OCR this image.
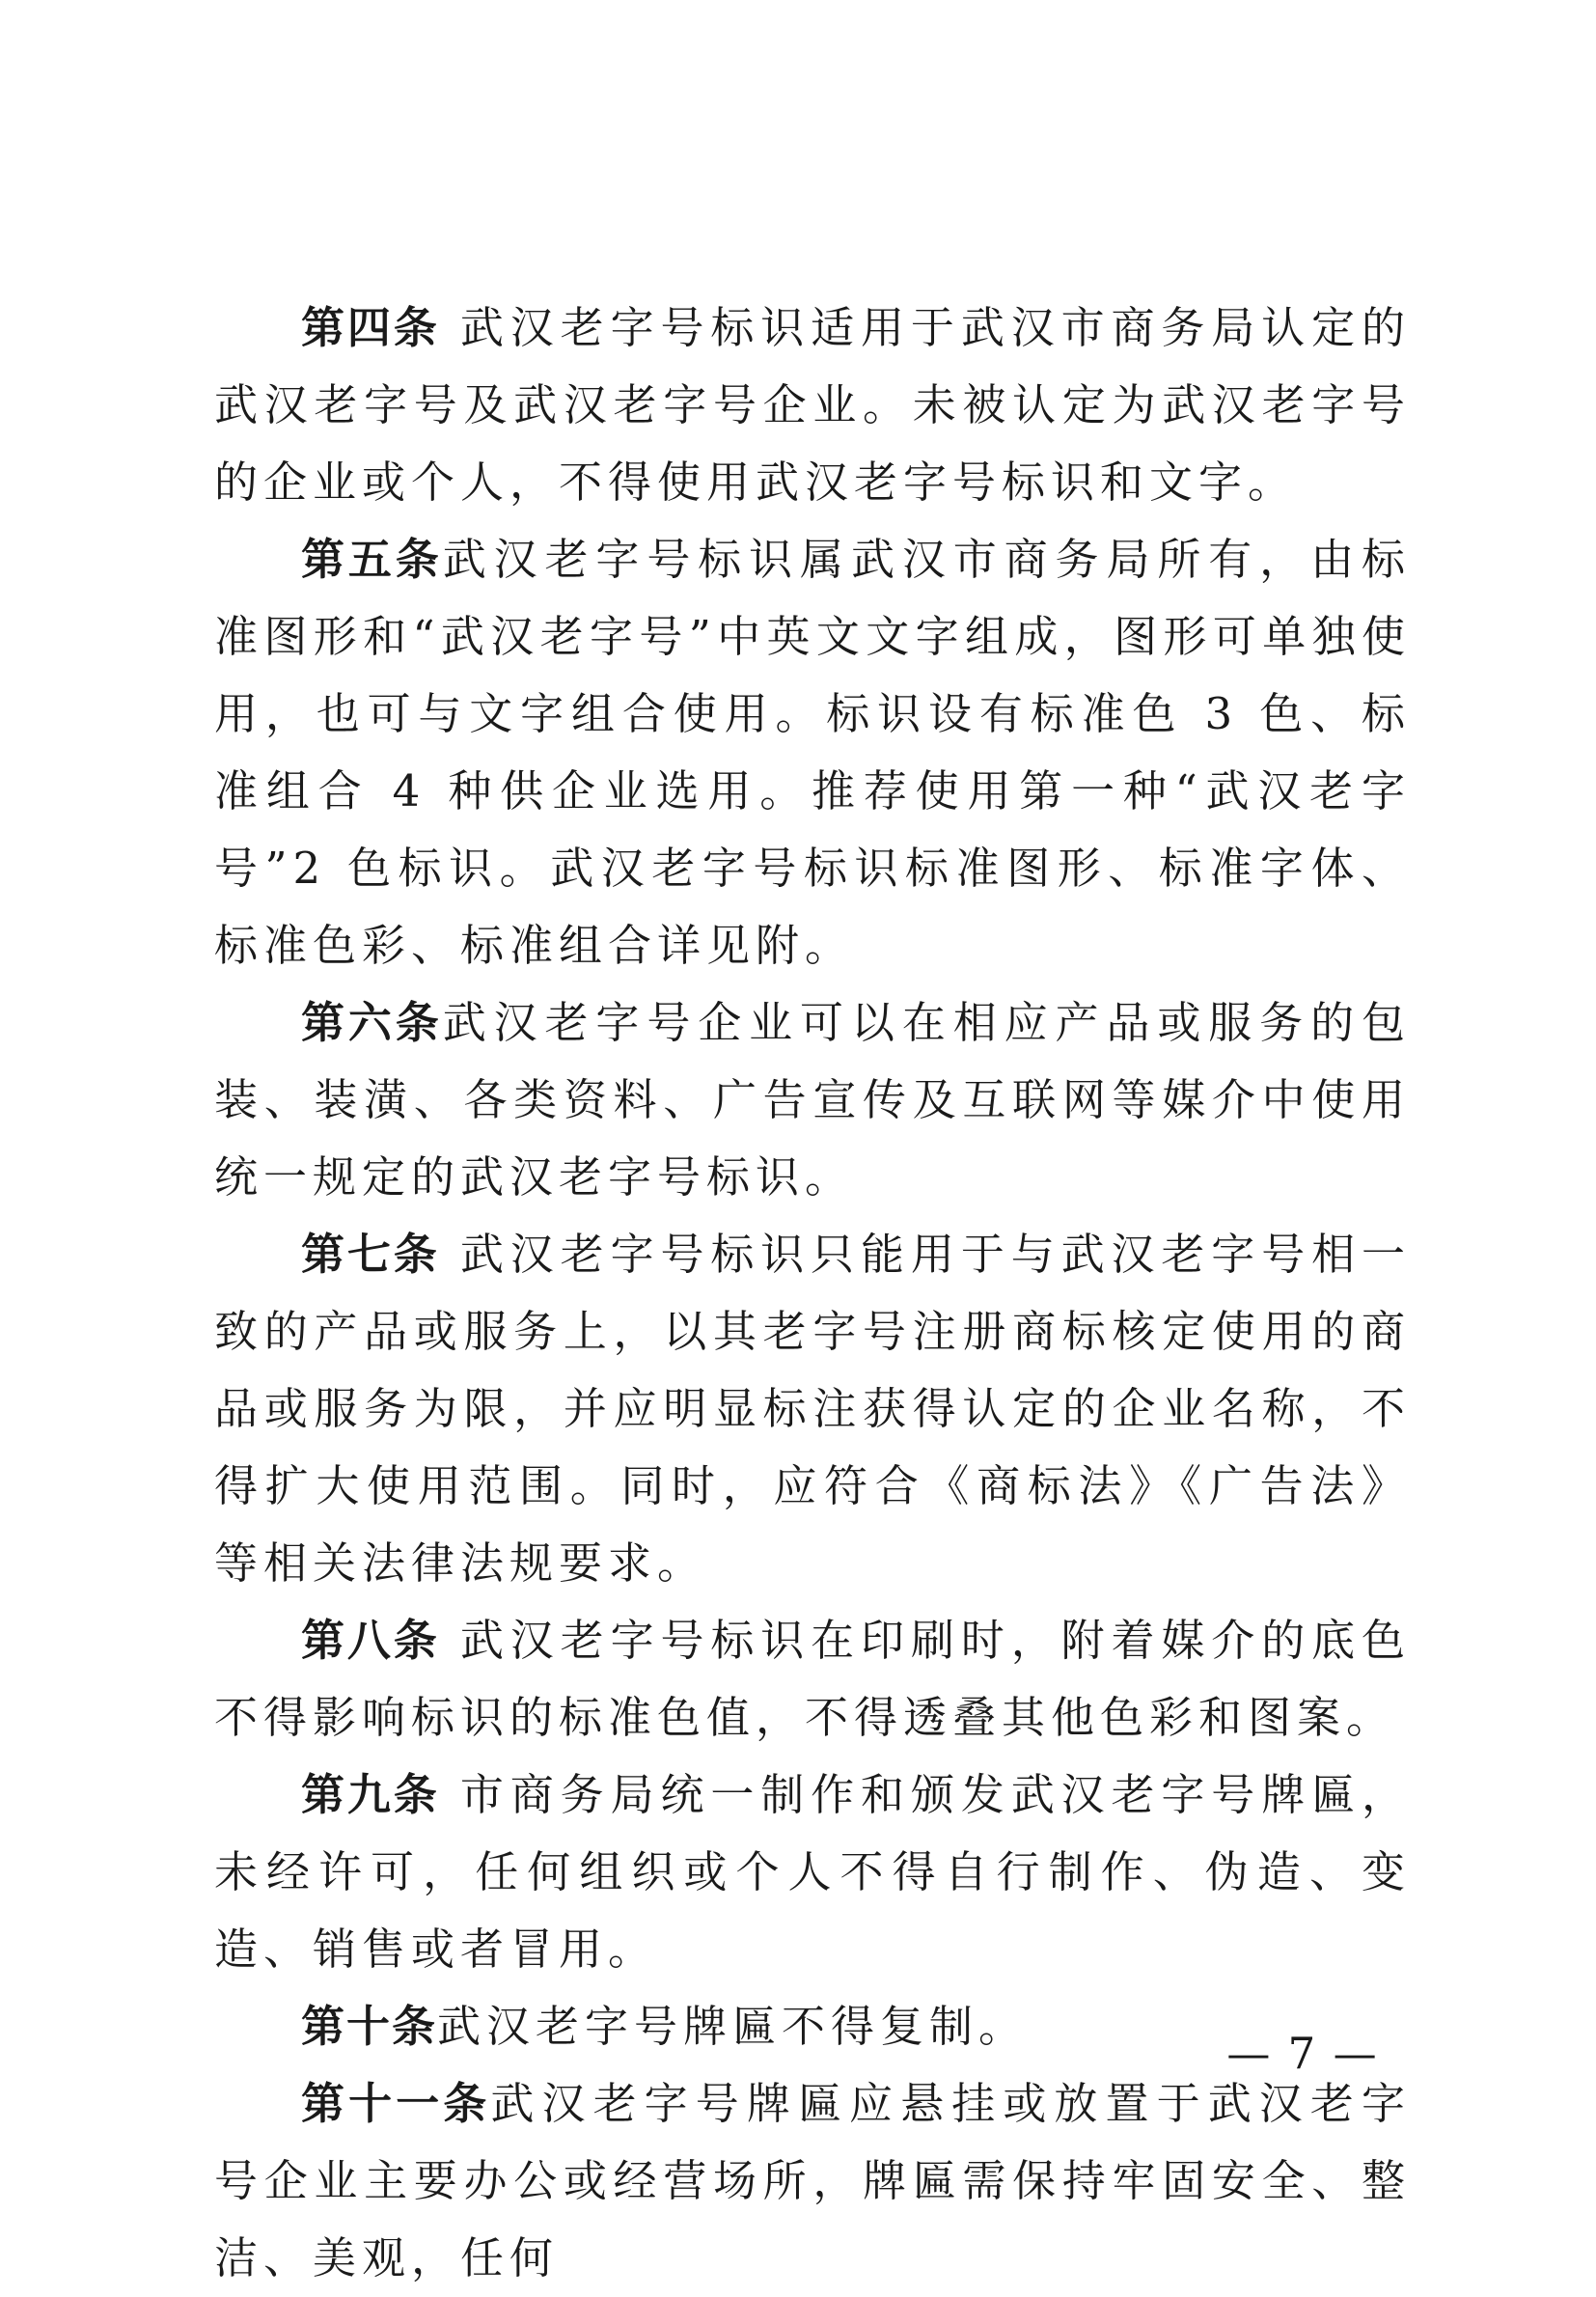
第四条 武汉老字号标识适用于武汉市商务局认定的武汉老字号及武汉老字号企业。未被认定为武汉老字号的企业或个人，不得使用武汉老字号标识和文字。

第五条武汉老字号标识属武汉市商务局所有，由标准图形和“武汉老字号”中英文文字组成，图形可单独使用，也可与文字组合使用。标识设有标准色 3 色、标准组合 4 种供企业选用。推荐使用第一种“武汉老字号”2 色标识。武汉老字号标识标准图形、标准字体、标准色彩、标准组合详见附。

第六条武汉老字号企业可以在相应产品或服务的包装、装潢、各类资料、广告宣传及互联网等媒介中使用统一规定的武汉老字号标识。

第七条 武汉老字号标识只能用于与武汉老字号相一致的产品或服务上，以其老字号注册商标核定使用的商品或服务为限，并应明显标注获得认定的企业名称，不得扩大使用范围。同时，应符合《商标法》《广告法》等相关法律法规要求。

第八条 武汉老字号标识在印刷时，附着媒介的底色不得影响标识的标准色值，不得透叠其他色彩和图案。

第九条 市商务局统一制作和颁发武汉老字号牌匾，未经许可，任何组织或个人不得自行制作、伪造、变造、销售或者冒用。

第十条武汉老字号牌匾不得复制。

第十一条武汉老字号牌匾应悬挂或放置于武汉老字号企业主要办公或经营场所，牌匾需保持牢固安全、整洁、美观，任何

— 7 —
